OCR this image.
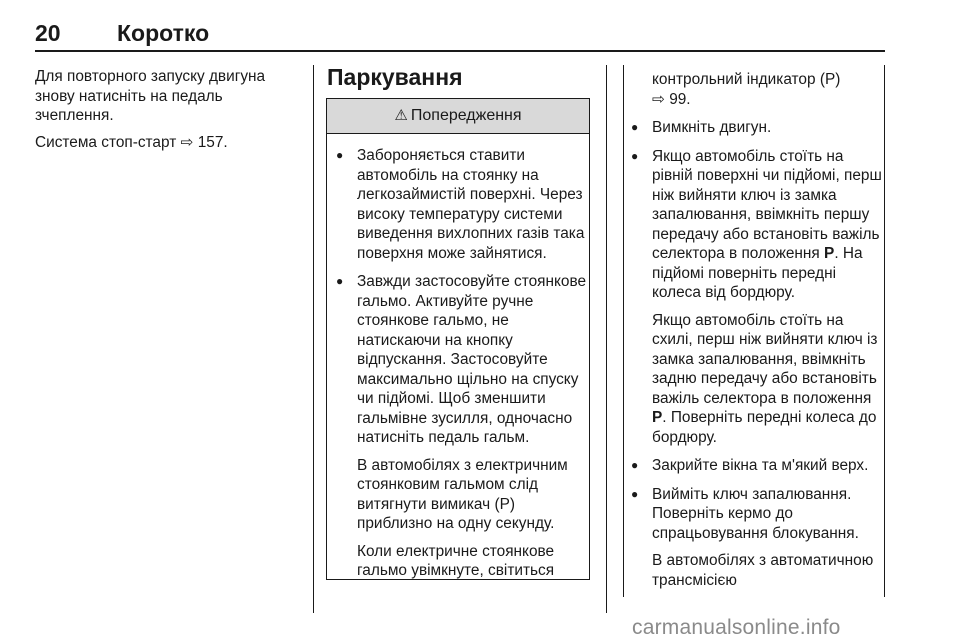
20 Коротко

Для повторного запуску двигуна знову натисніть на педаль зчеплення.

Система стоп-старт ⇨ 157.

Паркування
⚠ Попередження
● Забороняється ставити автомобіль на стоянку на легкозаймистій поверхні. Через високу температуру системи виведення вихлопних газів така поверхня може зайнятися.

● Завжди застосовуйте стоянкове гальмо. Активуйте ручне стоянкове гальмо, не натискаючи на кнопку відпускання. Застосовуйте максимально щільно на спуску чи підйомі. Щоб зменшити гальмівне зусилля, одночасно натисніть педаль гальм.

В автомобілях з електричним стоянковим гальмом слід витягнути вимикач (P)
приблизно на одну секунду.

Коли електричне стоянкове гальмо увімкнуте, світиться

контрольний індикатор (P)
⇨ 99.
● Вимкніть двигун.

● Якщо автомобіль стоїть на рівній поверхні чи підйомі, перш ніж вийняти ключ із замка запалювання, ввімкніть першу передачу або встановіть важіль селектора в положення P. На підйомі поверніть передні колеса від бордюру.

Якщо автомобіль стоїть на схилі, перш ніж вийняти ключ із замка запалювання, ввімкніть задню передачу або встановіть важіль селектора в положення P. Поверніть передні колеса до бордюру.

● Закрийте вікна та м'який верх.

● Вийміть ключ запалювання. Поверніть кермо до спрацьовування блокування.

В автомобілях з автоматичною трансмісією

carmanualsonline.info
